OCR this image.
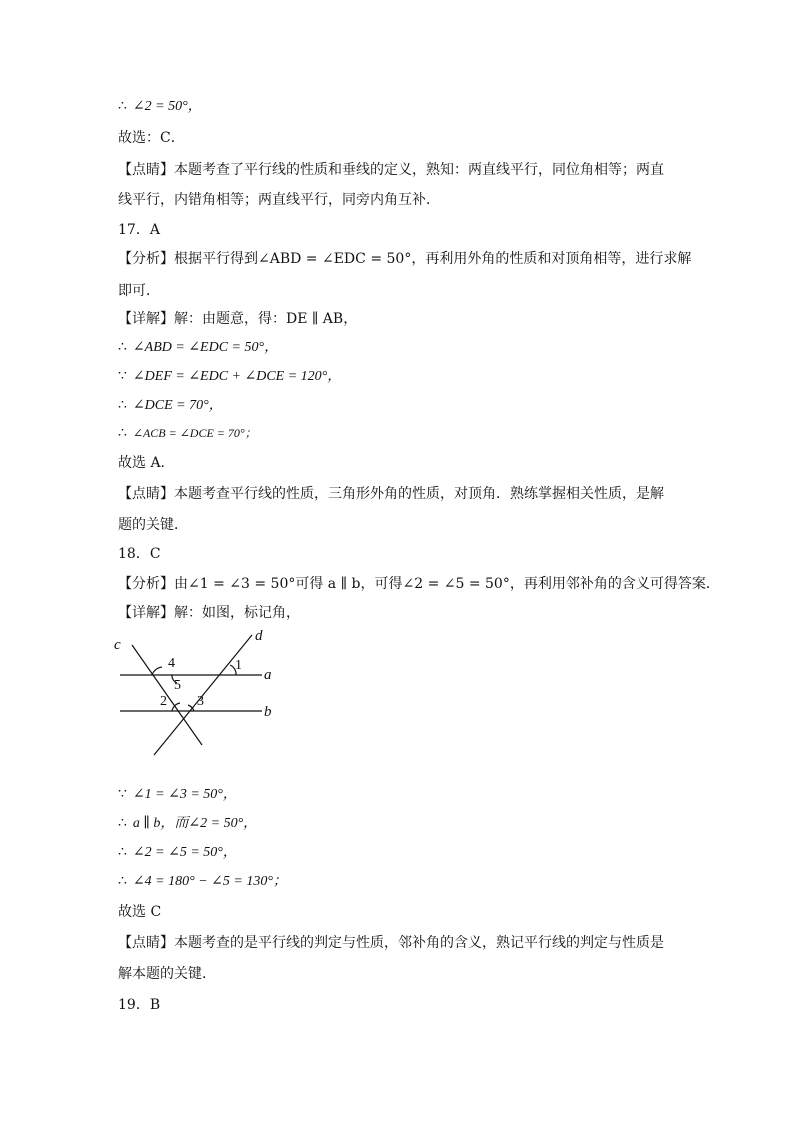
∴ ∠2 = 50°，
故选：C．
【点睛】本题考查了平行线的性质和垂线的定义，熟知：两直线平行，同位角相等；两直
线平行，内错角相等；两直线平行，同旁内角互补．
17．A
【分析】根据平行得到∠ABD = ∠EDC = 50°，再利用外角的性质和对顶角相等，进行求解
即可．
【详解】解：由题意，得：DE ∥ AB，
∴ ∠ABD = ∠EDC = 50°，
∵ ∠DEF = ∠EDC + ∠DCE = 120°，
∴ ∠DCE = 70°，
∴ ∠ACB = ∠DCE = 70°；
故选 A.
【点睛】本题考查平行线的性质，三角形外角的性质，对顶角．熟练掌握相关性质，是解
题的关键．
18．C
【分析】由∠1 = ∠3 = 50°可得 a ∥ b，可得∠2 = ∠5 = 50°，再利用邻补角的含义可得答案．
【详解】解：如图，标记角，
c
d
a
b
1
2 3
4
5
∵ ∠1 = ∠3 = 50°，
∴ a ∥ b，而∠2 = 50°，
∴ ∠2 = ∠5 = 50°，
∴ ∠4 = 180° − ∠5 = 130°；
故选 C
【点睛】本题考查的是平行线的判定与性质，邻补角的含义，熟记平行线的判定与性质是
解本题的关键．
19．B
